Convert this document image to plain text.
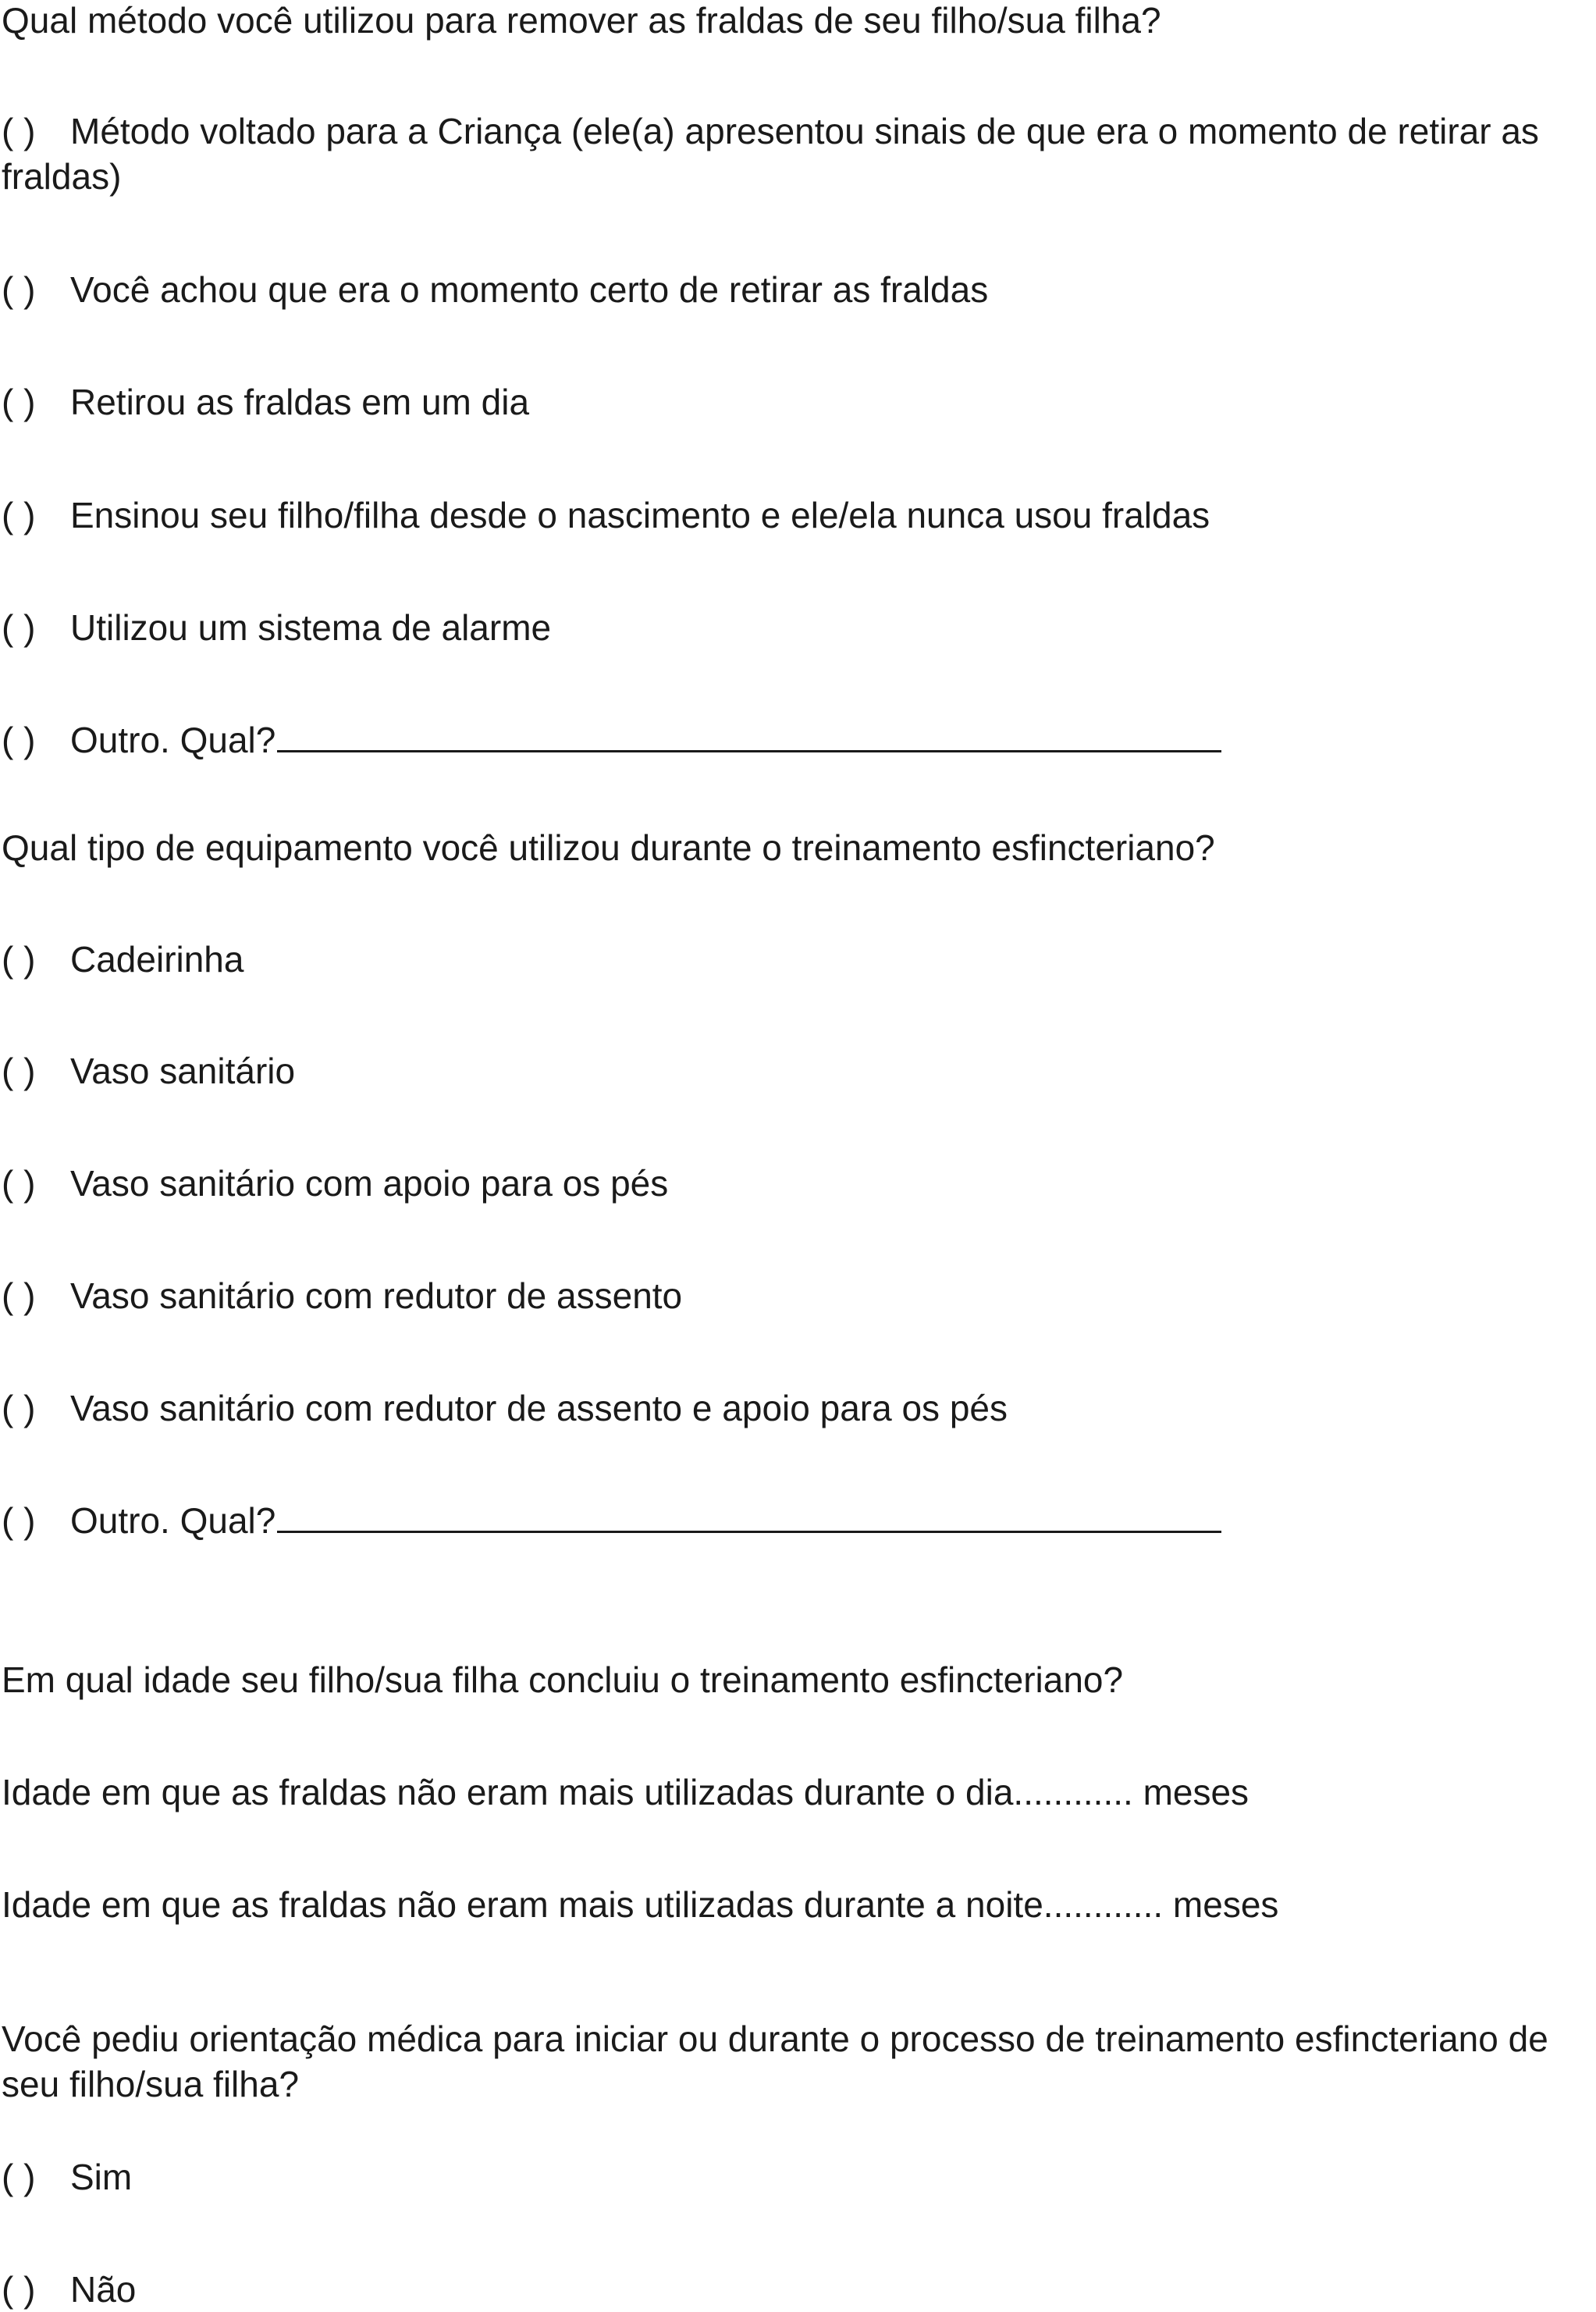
Qual método você utilizou para remover as fraldas de seu filho/sua filha?
( ) Método voltado para a Criança (ele(a) apresentou sinais de que era o momento de retirar as fraldas)
( ) Você achou que era o momento certo de retirar as fraldas
( ) Retirou as fraldas em um dia
( ) Ensinou seu filho/filha desde o nascimento e ele/ela nunca usou fraldas
( ) Utilizou um sistema de alarme
( ) Outro. Qual?
Qual tipo de equipamento você utilizou durante o treinamento esfincteriano?
( ) Cadeirinha
( ) Vaso sanitário
( ) Vaso sanitário com apoio para os pés
( ) Vaso sanitário com redutor de assento
( ) Vaso sanitário com redutor de assento e apoio para os pés
( ) Outro. Qual?
Em qual idade seu filho/sua filha concluiu o treinamento esfincteriano?
Idade em que as fraldas não eram mais utilizadas durante o dia............ meses
Idade em que as fraldas não eram mais utilizadas durante a noite............ meses
Você pediu orientação médica para iniciar ou durante o processo de treinamento esfincteriano de seu filho/sua filha?
( ) Sim
( ) Não
